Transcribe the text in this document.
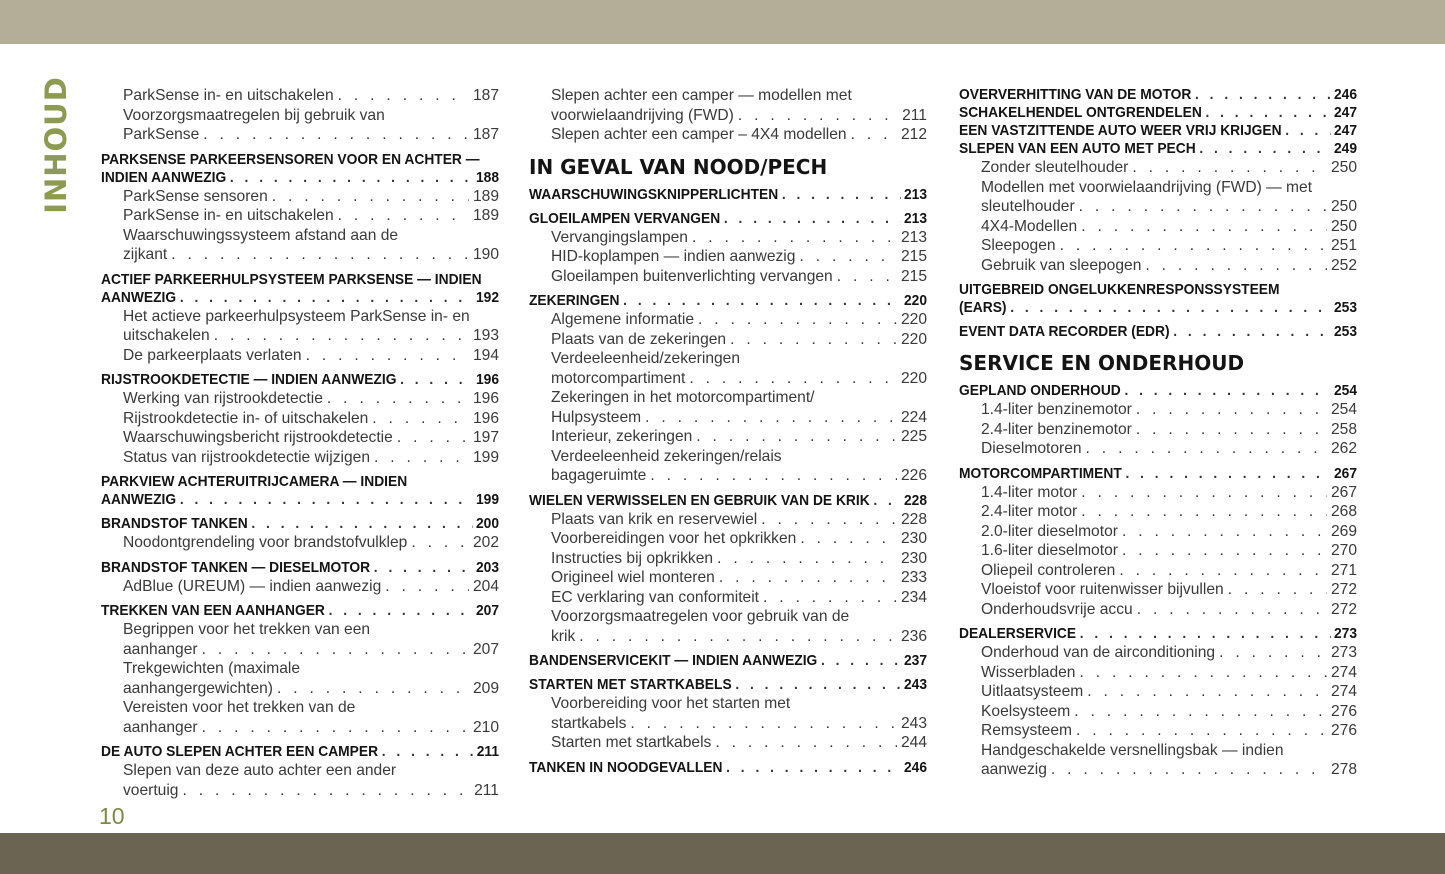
INHOUD	ParkSense in- en uitschakelen . . .	187
Voorzorgsmaatregelen bij gebruik van
ParkSense . . .	187
PARKSENSE PARKEERSENSOREN VOOR EN ACHTER —
INDIEN AANWEZIG . . .	188
ParkSense sensoren . . .	189
ParkSense in- en uitschakelen . . .	189
Waarschuwingssysteem afstand aan de
zijkant . . .	190
ACTIEF PARKEERHULPSYSTEEM PARKSENSE — INDIEN
AANWEZIG . . .	192
Het actieve parkeerhulpsysteem ParkSense in- en
uitschakelen . . .	193
De parkeerplaats verlaten . . .	194
RIJSTROOKDETECTIE — INDIEN AANWEZIG . . .	196
Werking van rijstrookdetectie . . .	196
Rijstrookdetectie in- of uitschakelen . . .	196
Waarschuwingsbericht rijstrookdetectie . . .	197
Status van rijstrookdetectie wijzigen . . .	199
PARKVIEW ACHTERUITRIJCAMERA — INDIEN
AANWEZIG . . .	199
BRANDSTOF TANKEN . . .	200
Noodontgrendeling voor brandstofvulklep . . .	202
BRANDSTOF TANKEN — DIESELMOTOR . . .	203
AdBlue (UREUM) — indien aanwezig . . .	204
TREKKEN VAN EEN AANHANGER . . .	207
Begrippen voor het trekken van een
aanhanger . . .	207
Trekgewichten (maximale
aanhangergewichten) . . .	209
Vereisten voor het trekken van de
aanhanger . . .	210
DE AUTO SLEPEN ACHTER EEN CAMPER . . .	211
Slepen van deze auto achter een ander
voertuig . . .	211
Slepen achter een camper — modellen met
voorwielaandrijving (FWD) . . .	211
Slepen achter een camper – 4X4 modellen . . .	212
IN GEVAL VAN NOOD/PECH
WAARSCHUWINGSKNIPPERLICHTEN . . .	213
GLOEILAMPEN VERVANGEN . . .	213
Vervangingslampen . . .	213
HID-koplampen — indien aanwezig . . .	215
Gloeilampen buitenverlichting vervangen . . .	215
ZEKERINGEN . . .	220
Algemene informatie . . .	220
Plaats van de zekeringen . . .	220
Verdeeleenheid/zekeringen
motorcompartiment . . .	220
Zekeringen in het motorcompartiment/
Hulpsysteem . . .	224
Interieur, zekeringen . . .	225
Verdeeleenheid zekeringen/relais
bagageruimte . . .	226
WIELEN VERWISSELEN EN GEBRUIK VAN DE KRIK . . . 228
Plaats van krik en reservewiel . . .	228
Voorbereidingen voor het opkrikken . . .	230
Instructies bij opkrikken . . .	230
Origineel wiel monteren . . .	233
EC verklaring van conformiteit . . .	234
Voorzorgsmaatregelen voor gebruik van de
krik . . .	236
BANDENSERVICEKIT — INDIEN AANWEZIG . . .	237
STARTEN MET STARTKABELS . . .	243
Voorbereiding voor het starten met
startkabels . . .	243
Starten met startkabels . . .	244
TANKEN IN NOODGEVALLEN . . .	246
OVERVERHITTING VAN DE MOTOR . . .	246
SCHAKELHENDEL ONTGRENDELEN . . .	247
EEN VASTZITTENDE AUTO WEER VRIJ KRIJGEN . . .	247
SLEPEN VAN EEN AUTO MET PECH . . .	249
Zonder sleutelhouder . . .	250
Modellen met voorwielaandrijving (FWD) — met
sleutelhouder . . .	250
4X4-Modellen . . .	250
Sleepogen . . .	251
Gebruik van sleepogen . . .	252
UITGEBREID ONGELUKKENRESPONSSYSTEEM
(EARS) . . .	253
EVENT DATA RECORDER (EDR) . . .	253
SERVICE EN ONDERHOUD
GEPLAND ONDERHOUD . . .	254
1.4-liter benzinemotor . . .	254
2.4-liter benzinemotor . . .	258
Dieselmotoren . . .	262
MOTORCOMPARTIMENT . . .	267
1.4-liter motor . . .	267
2.4-liter motor . . .	268
2.0-liter dieselmotor . . .	269
1.6-liter dieselmotor . . .	270
Oliepeil controleren . . .	271
Vloeistof voor ruitenwisser bijvullen . . .	272
Onderhoudsvrije accu . . .	272
DEALERSERVICE . . .	273
Onderhoud van de airconditioning . . .	273
Wisserbladen . . .	274
Uitlaatsysteem . . .	274
Koelsysteem . . .	276
Remsysteem . . .	276
Handgeschakelde versnellingsbak — indien
aanwezig . . .	278
10
